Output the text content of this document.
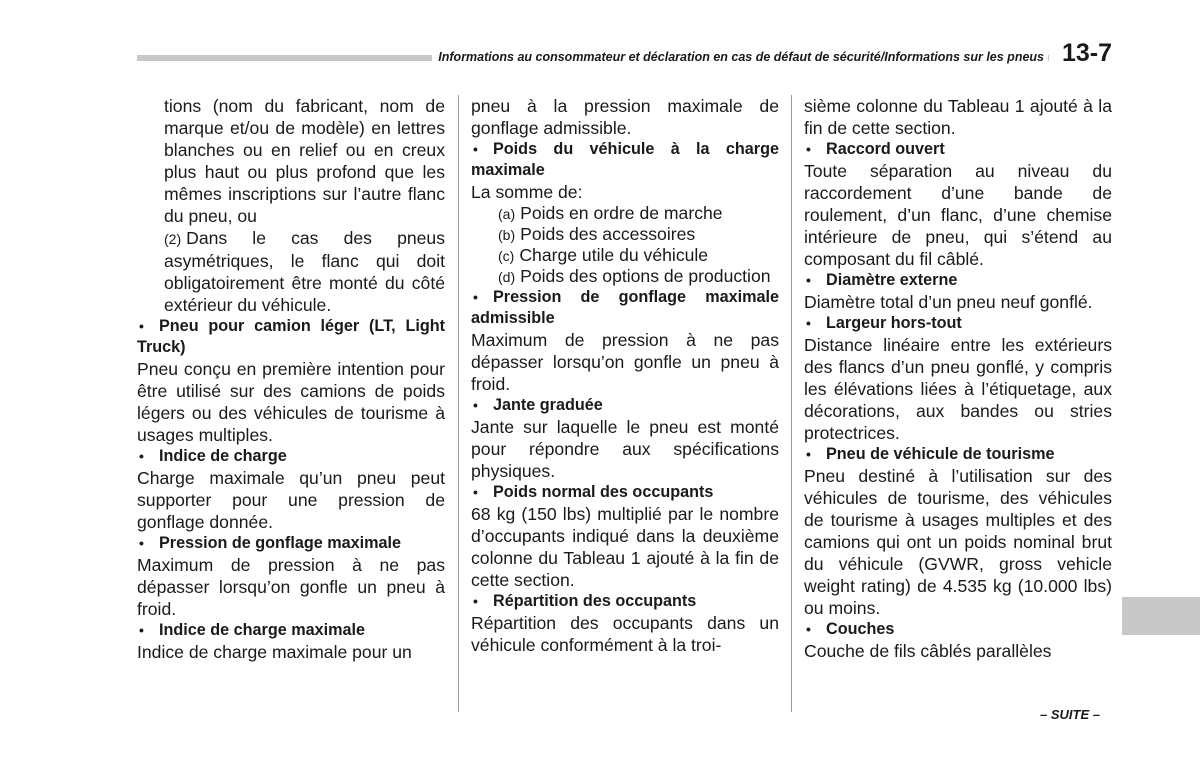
Informations au consommateur et déclaration en cas de défaut de sécurité/Informations sur les pneus 13-7

tions (nom du fabricant, nom de marque et/ou de modèle) en lettres blanches ou en relief ou en creux plus haut ou plus profond que les mêmes inscriptions sur l’autre flanc du pneu, ou

(2) Dans le cas des pneus asymétriques, le flanc qui doit obligatoirement être monté du côté extérieur du véhicule.

• Pneu pour camion léger (LT, Light Truck)

Pneu conçu en première intention pour être utilisé sur des camions de poids légers ou des véhicules de tourisme à usages multiples.

• Indice de charge

Charge maximale qu’un pneu peut supporter pour une pression de gonflage donnée.

• Pression de gonflage maximale

Maximum de pression à ne pas dépasser lorsqu’on gonfle un pneu à froid.

• Indice de charge maximale

Indice de charge maximale pour un

pneu à la pression maximale de gonflage admissible.

• Poids du véhicule à la charge maximale

La somme de:

(a) Poids en ordre de marche

(b) Poids des accessoires

(c) Charge utile du véhicule

(d) Poids des options de production

• Pression de gonflage maximale admissible

Maximum de pression à ne pas dépasser lorsqu’on gonfle un pneu à froid.

• Jante graduée

Jante sur laquelle le pneu est monté pour répondre aux spécifications physiques.

• Poids normal des occupants

68 kg (150 lbs) multiplié par le nombre d’occupants indiqué dans la deuxième colonne du Tableau 1 ajouté à la fin de cette section.

• Répartition des occupants

Répartition des occupants dans un véhicule conformément à la troi-

sième colonne du Tableau 1 ajouté à la fin de cette section.

• Raccord ouvert

Toute séparation au niveau du raccordement d’une bande de roulement, d’un flanc, d’une chemise intérieure de pneu, qui s’étend au composant du fil câblé.

• Diamètre externe

Diamètre total d’un pneu neuf gonflé.

• Largeur hors-tout

Distance linéaire entre les extérieurs des flancs d’un pneu gonflé, y compris les élévations liées à l’étiquetage, aux décorations, aux bandes ou stries protectrices.

• Pneu de véhicule de tourisme

Pneu destiné à l’utilisation sur des véhicules de tourisme, des véhicules de tourisme à usages multiples et des camions qui ont un poids nominal brut du véhicule (GVWR, gross vehicle weight rating) de 4.535 kg (10.000 lbs) ou moins.

• Couches

Couche de fils câblés parallèles

– SUITE –
